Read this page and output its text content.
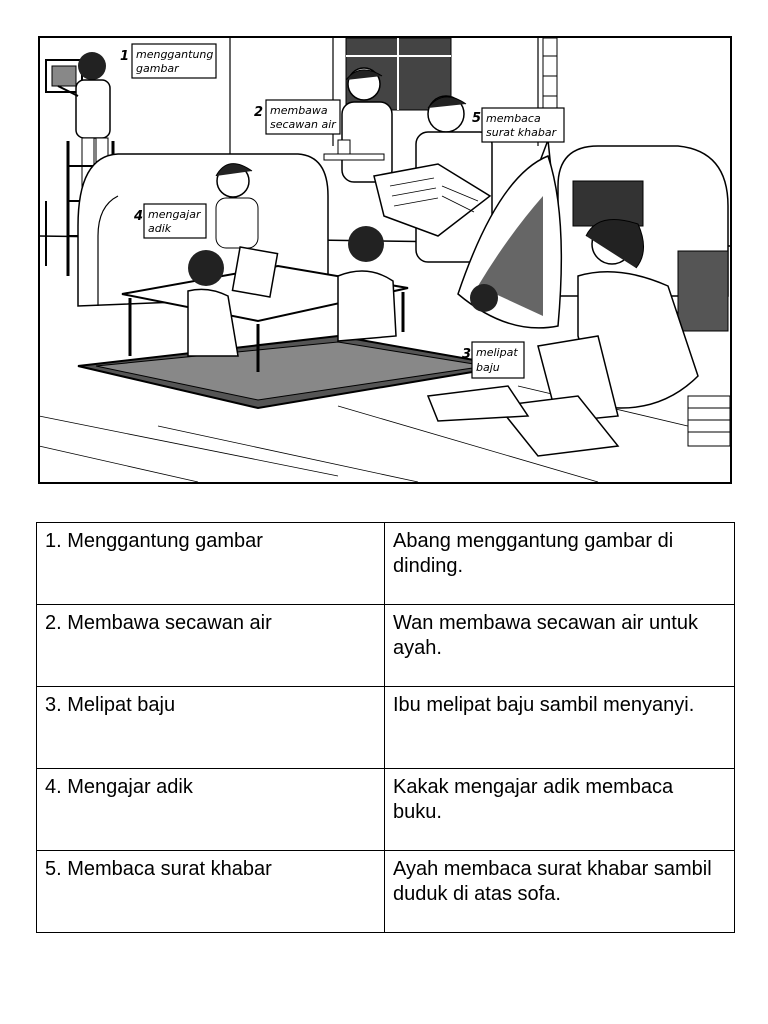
1 menggantung
gambar
2 membawa
secawan air
3 melipat
baju
4 mengajar
adik
5 membaca
surat khabar
1. Menggantung gambar	Abang menggantung gambar di dinding.
2. Membawa secawan air	Wan membawa secawan air untuk ayah.
3. Melipat baju	Ibu melipat baju sambil menyanyi.
4. Mengajar adik	Kakak mengajar adik membaca buku.
5. Membaca surat khabar	Ayah membaca surat khabar sambil duduk di atas sofa.
